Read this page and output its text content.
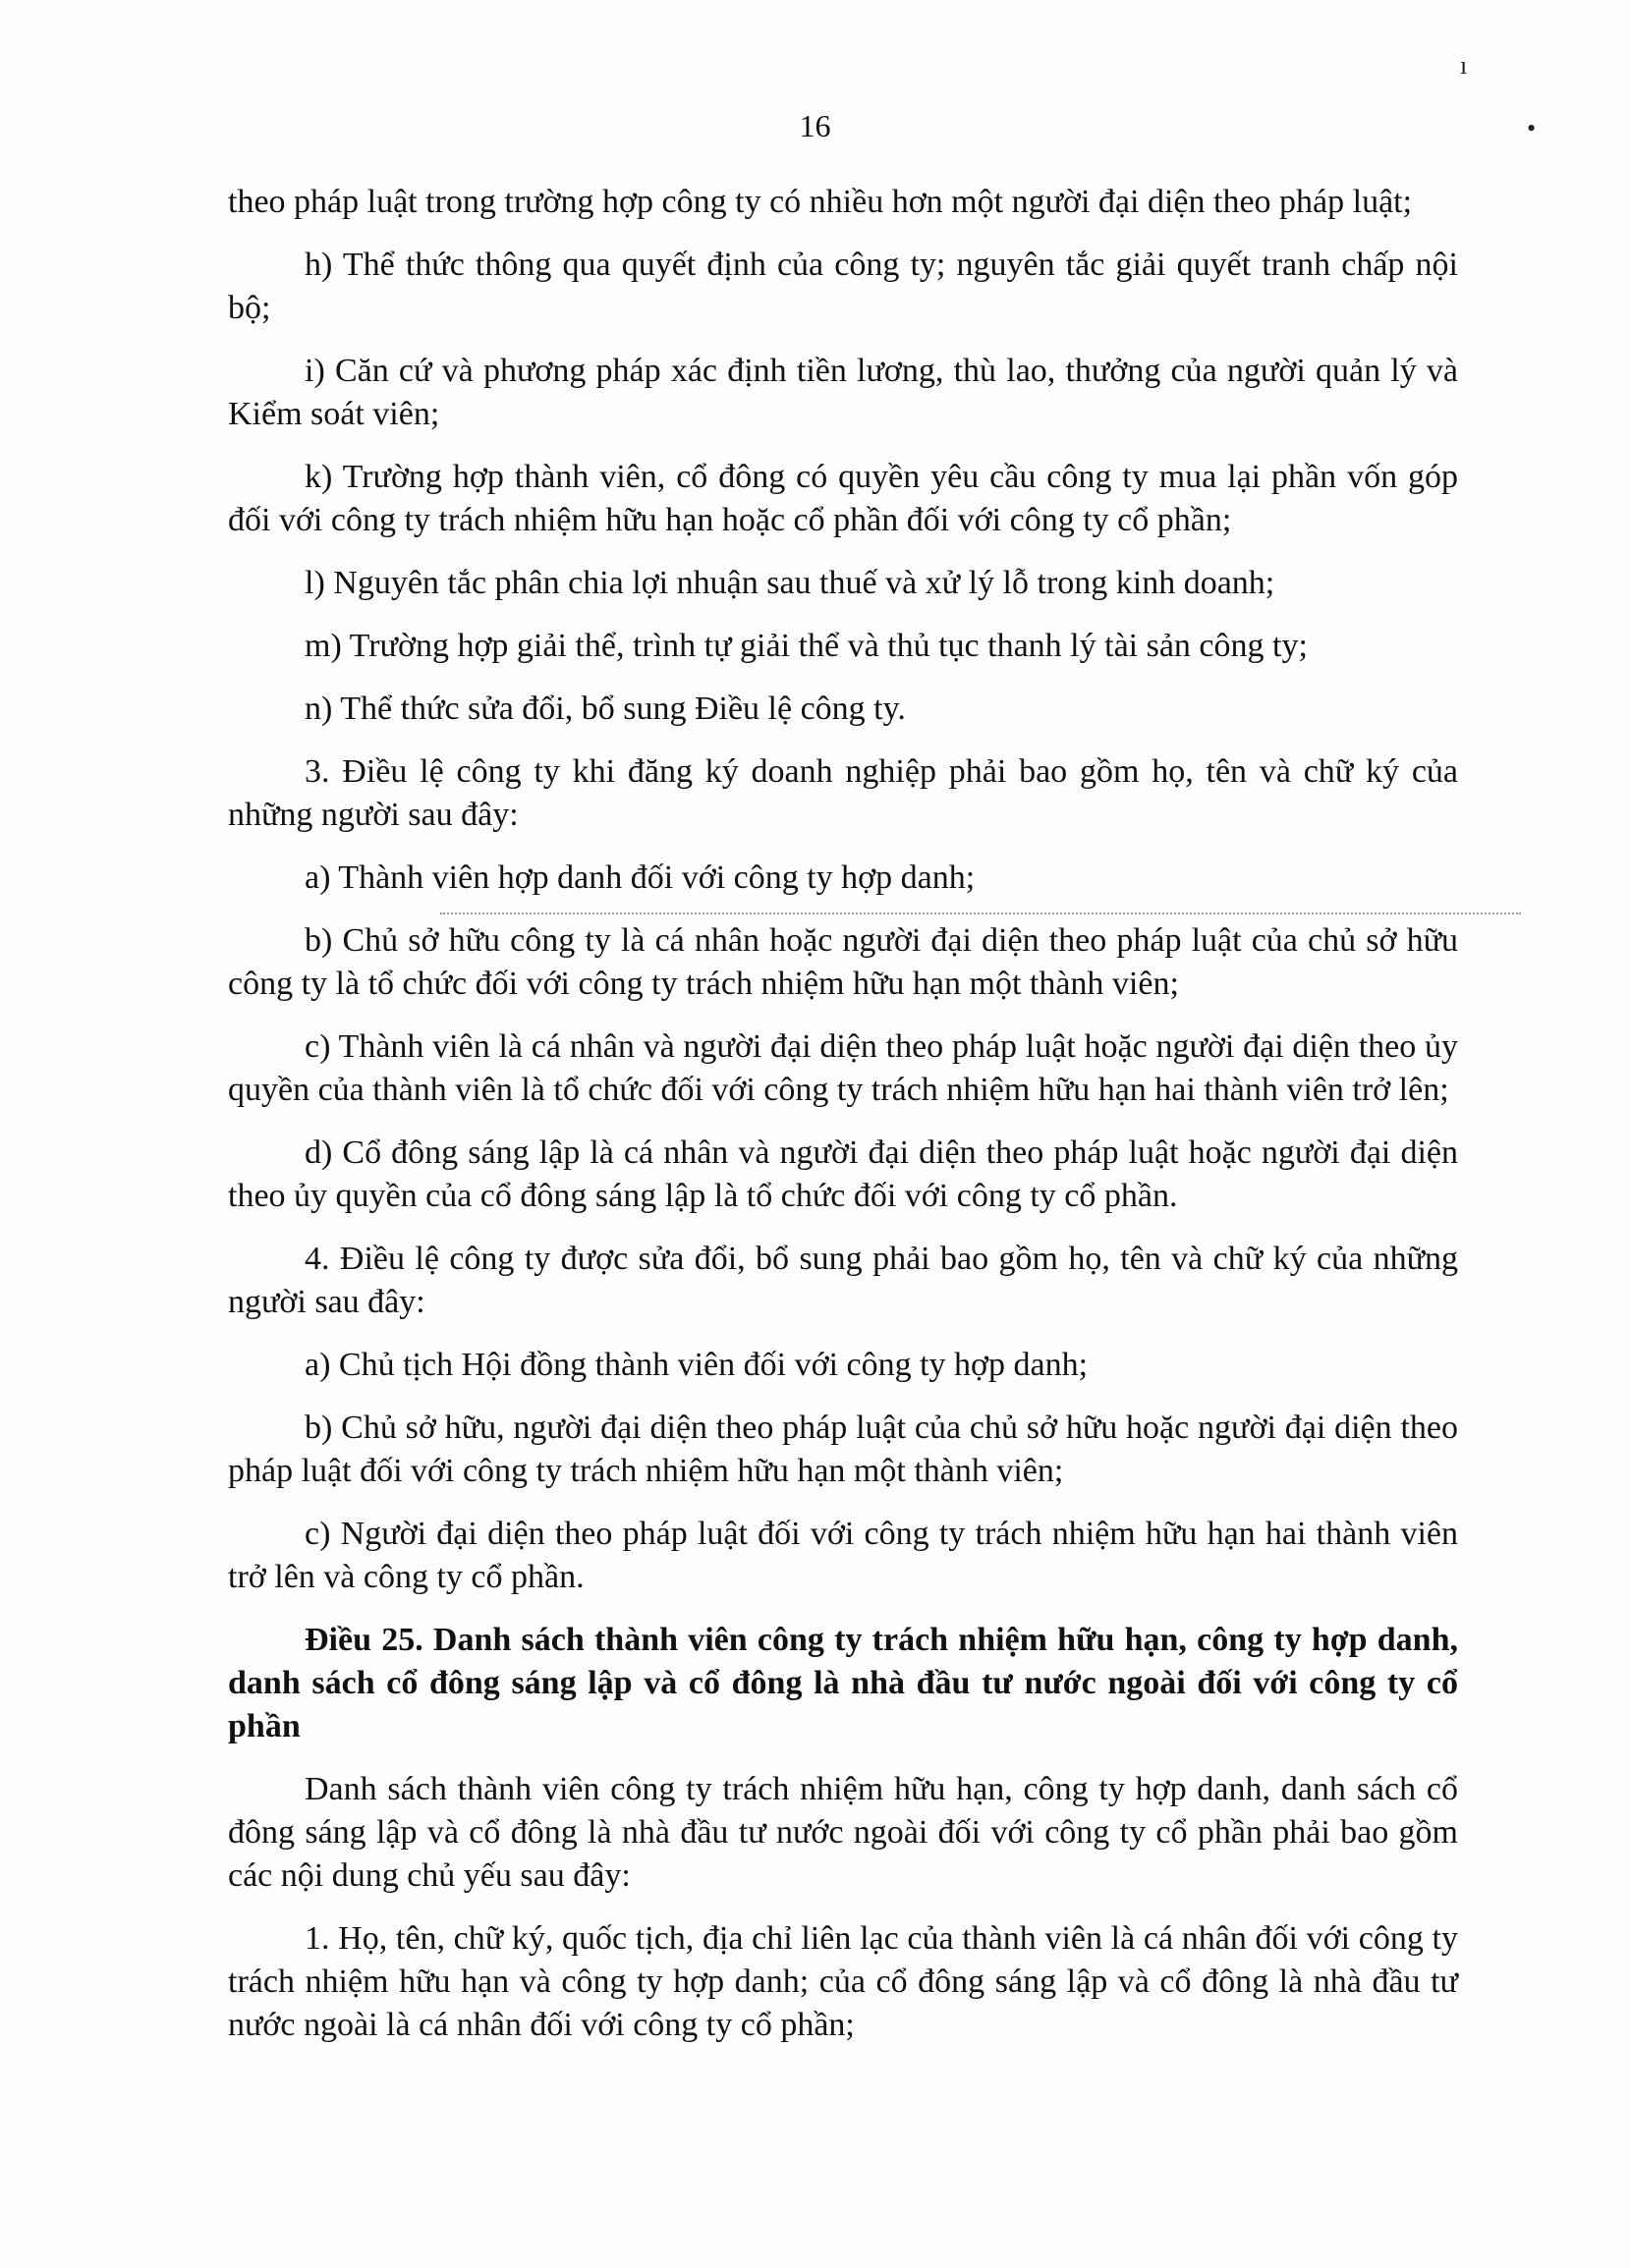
ı
•
16

theo pháp luật trong trường hợp công ty có nhiều hơn một người đại diện theo pháp luật;

h) Thể thức thông qua quyết định của công ty; nguyên tắc giải quyết tranh chấp nội bộ;

i) Căn cứ và phương pháp xác định tiền lương, thù lao, thưởng của người quản lý và Kiểm soát viên;

k) Trường hợp thành viên, cổ đông có quyền yêu cầu công ty mua lại phần vốn góp đối với công ty trách nhiệm hữu hạn hoặc cổ phần đối với công ty cổ phần;

l) Nguyên tắc phân chia lợi nhuận sau thuế và xử lý lỗ trong kinh doanh;

m) Trường hợp giải thể, trình tự giải thể và thủ tục thanh lý tài sản công ty;

n) Thể thức sửa đổi, bổ sung Điều lệ công ty.

3. Điều lệ công ty khi đăng ký doanh nghiệp phải bao gồm họ, tên và chữ ký của những người sau đây:

a) Thành viên hợp danh đối với công ty hợp danh;

b) Chủ sở hữu công ty là cá nhân hoặc người đại diện theo pháp luật của chủ sở hữu công ty là tổ chức đối với công ty trách nhiệm hữu hạn một thành viên;

c) Thành viên là cá nhân và người đại diện theo pháp luật hoặc người đại diện theo ủy quyền của thành viên là tổ chức đối với công ty trách nhiệm hữu hạn hai thành viên trở lên;

d) Cổ đông sáng lập là cá nhân và người đại diện theo pháp luật hoặc người đại diện theo ủy quyền của cổ đông sáng lập là tổ chức đối với công ty cổ phần.

4. Điều lệ công ty được sửa đổi, bổ sung phải bao gồm họ, tên và chữ ký của những người sau đây:

a) Chủ tịch Hội đồng thành viên đối với công ty hợp danh;

b) Chủ sở hữu, người đại diện theo pháp luật của chủ sở hữu hoặc người đại diện theo pháp luật đối với công ty trách nhiệm hữu hạn một thành viên;

c) Người đại diện theo pháp luật đối với công ty trách nhiệm hữu hạn hai thành viên trở lên và công ty cổ phần.

Điều 25. Danh sách thành viên công ty trách nhiệm hữu hạn, công ty hợp danh, danh sách cổ đông sáng lập và cổ đông là nhà đầu tư nước ngoài đối với công ty cổ phần

Danh sách thành viên công ty trách nhiệm hữu hạn, công ty hợp danh, danh sách cổ đông sáng lập và cổ đông là nhà đầu tư nước ngoài đối với công ty cổ phần phải bao gồm các nội dung chủ yếu sau đây:

1. Họ, tên, chữ ký, quốc tịch, địa chỉ liên lạc của thành viên là cá nhân đối với công ty trách nhiệm hữu hạn và công ty hợp danh; của cổ đông sáng lập và cổ đông là nhà đầu tư nước ngoài là cá nhân đối với công ty cổ phần;
